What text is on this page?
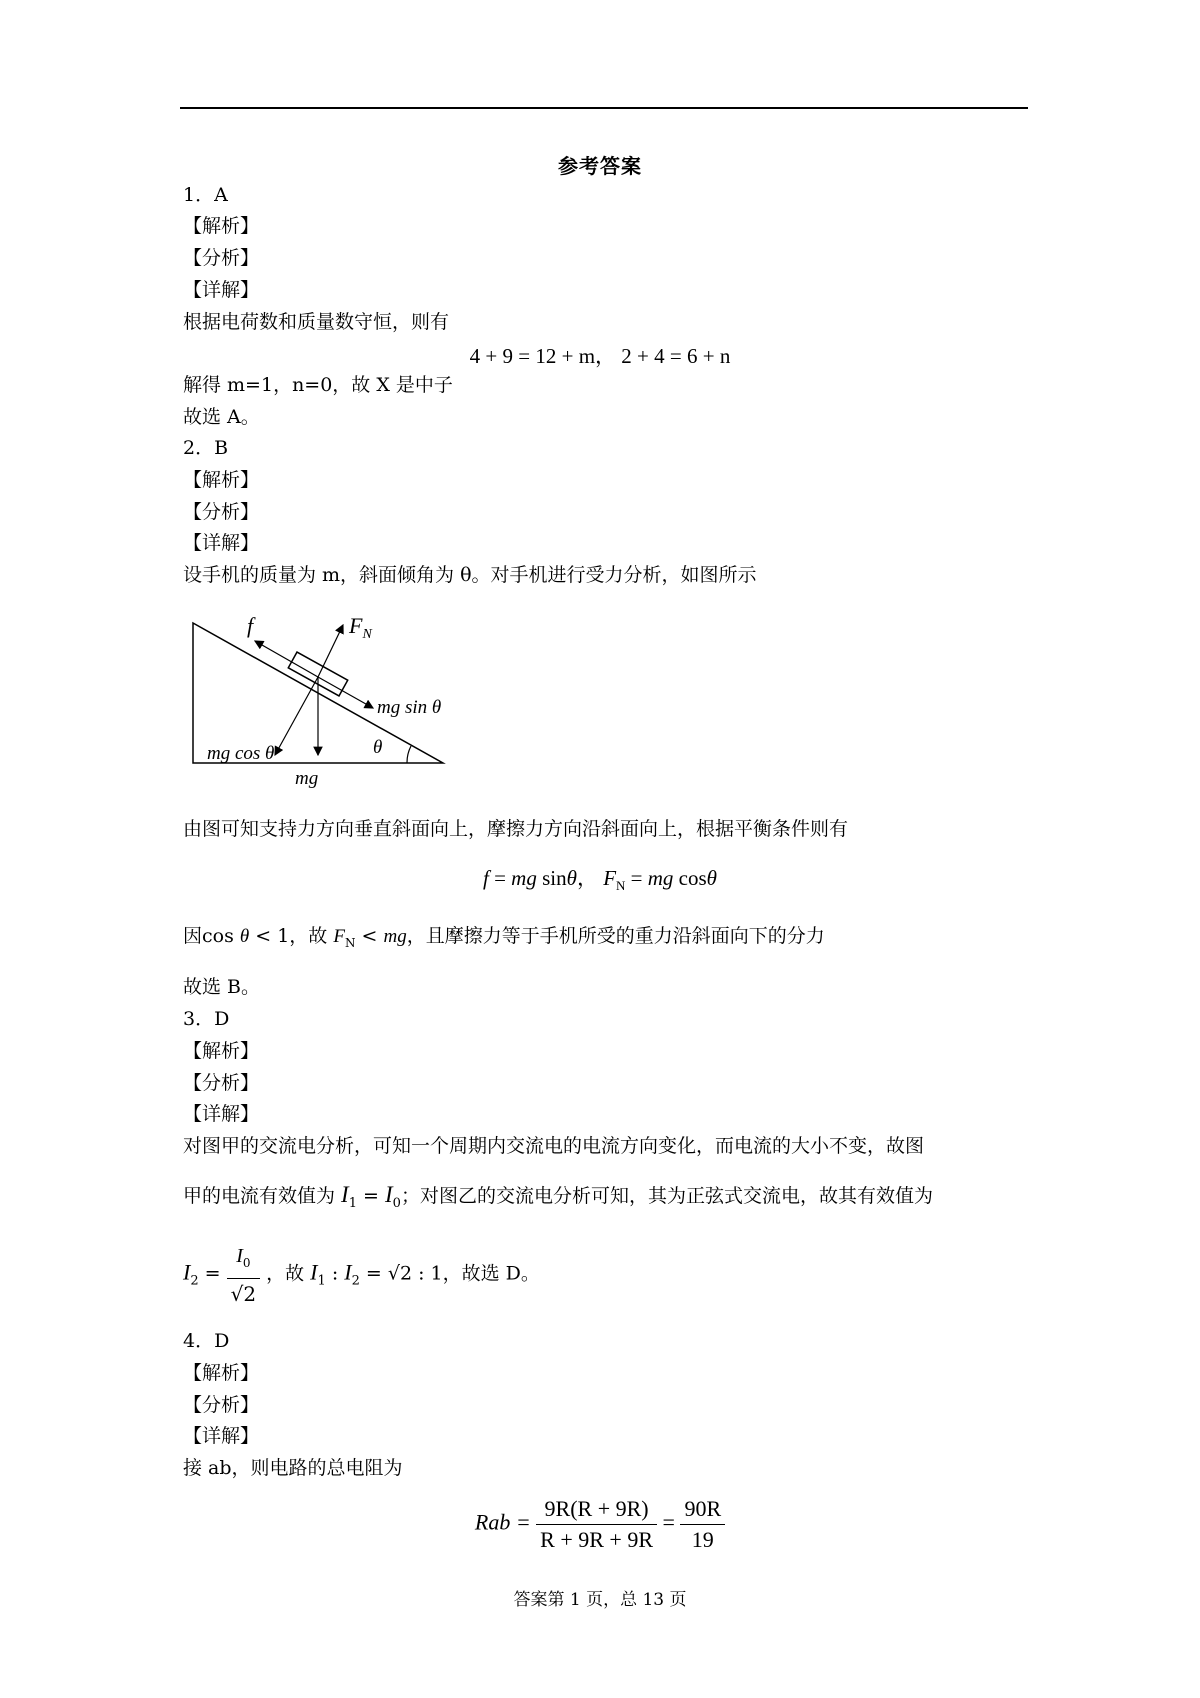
参考答案
1．A
【解析】
【分析】
【详解】
根据电荷数和质量数守恒，则有
4 + 9 = 12 + m， 2 + 4 = 6 + n
解得 m=1，n=0，故 X 是中子
故选 A。
2．B
【解析】
【分析】
【详解】
设手机的质量为 m，斜面倾角为 θ。对手机进行受力分析，如图所示
f	$F_N$
mg sin θ
mg cos θ
mg
θ
由图可知支持力方向垂直斜面向上，摩擦力方向沿斜面向上，根据平衡条件则有
f = mg sinθ， $F_N$ = mg cosθ
因cos θ < 1，故 $F_N$ < mg，且摩擦力等于手机所受的重力沿斜面向下的分力
故选 B。
3．D
【解析】
【分析】
【详解】
对图甲的交流电分析，可知一个周期内交流电的电流方向变化，而电流的大小不变，故图
甲的电流有效值为 $I_1 = I_0$；对图乙的交流电分析可知，其为正弦式交流电，故其有效值为
$I_2 = \frac{I_0}{√2}$ ，故 $I_1$ : $I_2 = √2$ : 1，故选 D。
4．D
【解析】
【分析】
【详解】
接 ab，则电路的总电阻为
Rab = $\frac{9R(R + 9R)}{R + 9R + 9R} = \frac{90R}{19}$
答案第 1 页，总 13 页
